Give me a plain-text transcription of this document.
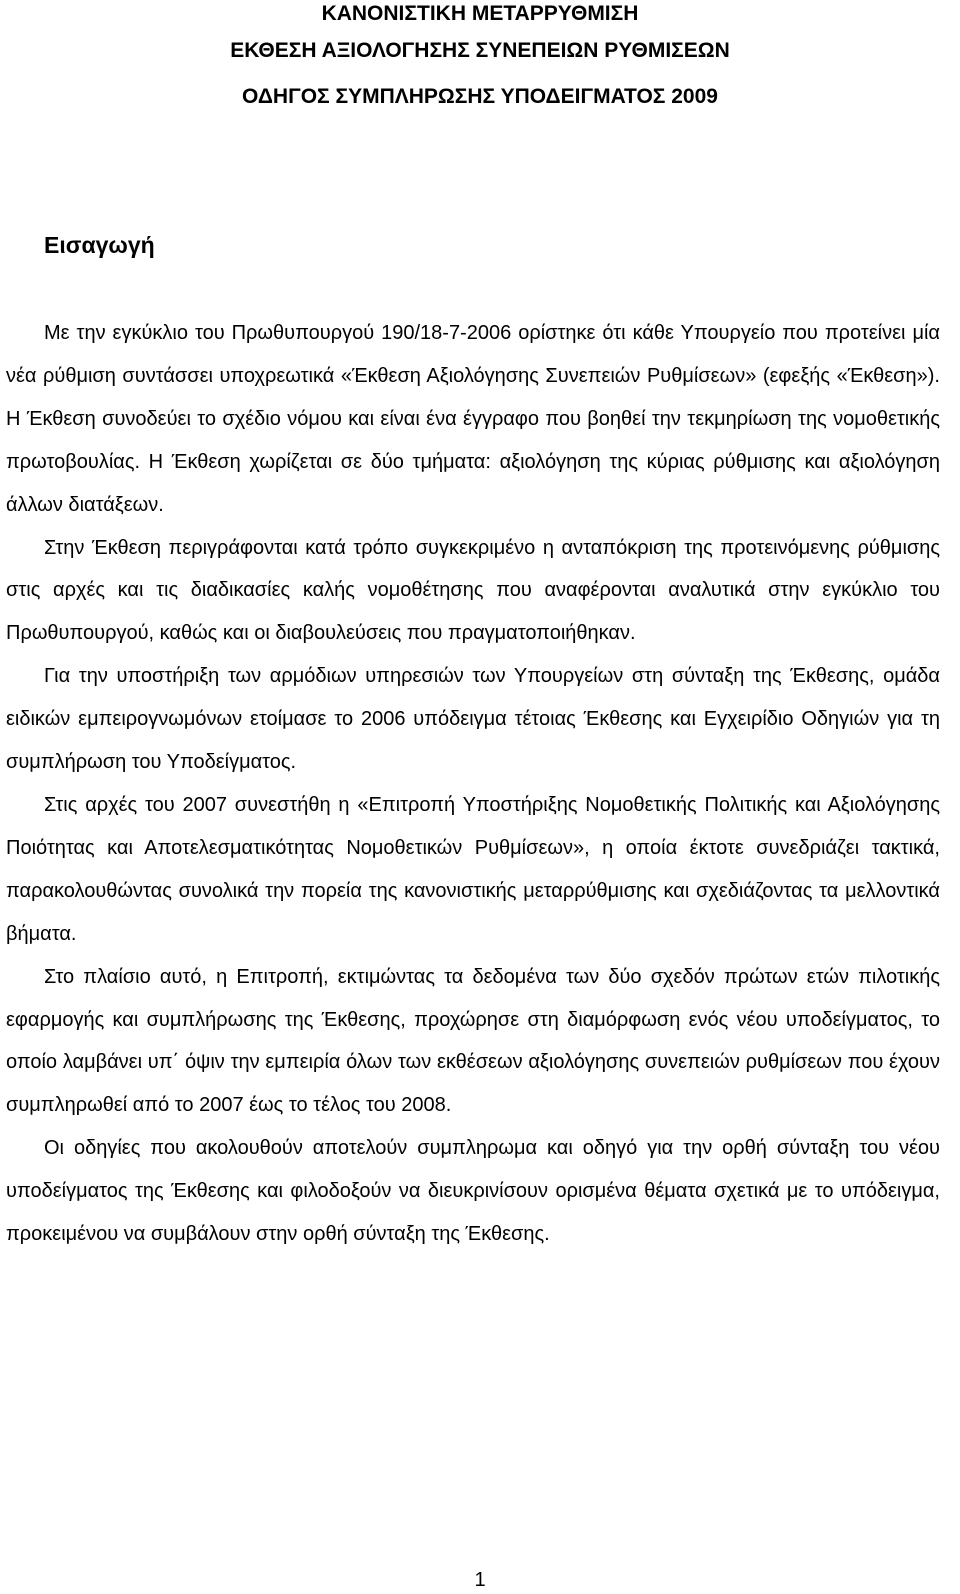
ΚΑΝΟΝΙΣΤΙΚΗ ΜΕΤΑΡΡΥΘΜΙΣΗ

ΕΚΘΕΣΗ ΑΞΙΟΛΟΓΗΣΗΣ ΣΥΝΕΠΕΙΩΝ ΡΥΘΜΙΣΕΩΝ

ΟΔΗΓΟΣ ΣΥΜΠΛΗΡΩΣΗΣ ΥΠΟΔΕΙΓΜΑΤΟΣ 2009

Εισαγωγή

Με την εγκύκλιο του Πρωθυπουργού 190/18-7-2006 ορίστηκε ότι κάθε Υπουργείο που προτείνει μία νέα ρύθμιση συντάσσει υποχρεωτικά «Έκθεση Αξιολόγησης Συνεπειών Ρυθμίσεων» (εφεξής «Έκθεση»). Η Έκθεση συνοδεύει το σχέδιο νόμου και είναι ένα έγγραφο που βοηθεί την τεκμηρίωση της νομοθετικής πρωτοβουλίας. Η Έκθεση χωρίζεται σε δύο τμήματα: αξιολόγηση της κύριας ρύθμισης και αξιολόγηση άλλων διατάξεων.

Στην Έκθεση περιγράφονται κατά τρόπο συγκεκριμένο η ανταπόκριση της προτεινόμενης ρύθμισης στις αρχές και τις διαδικασίες καλής νομοθέτησης που αναφέρονται αναλυτικά στην εγκύκλιο του Πρωθυπουργού, καθώς και οι διαβουλεύσεις που πραγματοποιήθηκαν.

Για την υποστήριξη των αρμόδιων υπηρεσιών των Υπουργείων στη σύνταξη της Έκθεσης, ομάδα ειδικών εμπειρογνωμόνων ετοίμασε το 2006 υπόδειγμα τέτοιας Έκθεσης και Εγχειρίδιο Οδηγιών για τη συμπλήρωση του Υποδείγματος.

Στις αρχές του 2007 συνεστήθη η «Επιτροπή Υποστήριξης Νομοθετικής Πολιτικής και Αξιολόγησης Ποιότητας και Αποτελεσματικότητας Νομοθετικών Ρυθμίσεων», η οποία έκτοτε συνεδριάζει τακτικά, παρακολουθώντας συνολικά την πορεία της κανονιστικής μεταρρύθμισης και σχεδιάζοντας τα μελλοντικά βήματα.

Στο πλαίσιο αυτό, η Επιτροπή, εκτιμώντας τα δεδομένα των δύο σχεδόν πρώτων ετών πιλοτικής εφαρμογής και συμπλήρωσης της Έκθεσης, προχώρησε στη διαμόρφωση ενός νέου υποδείγματος, το οποίο λαμβάνει υπ΄ όψιν την εμπειρία όλων των εκθέσεων αξιολόγησης συνεπειών ρυθμίσεων που έχουν συμπληρωθεί από το 2007 έως το τέλος του 2008.

Οι οδηγίες που ακολουθούν αποτελούν συμπληρωμα και οδηγό για την ορθή σύνταξη του νέου υποδείγματος της Έκθεσης και φιλοδοξούν να διευκρινίσουν ορισμένα θέματα σχετικά με το υπόδειγμα, προκειμένου να συμβάλουν στην ορθή σύνταξη της Έκθεσης.

1
